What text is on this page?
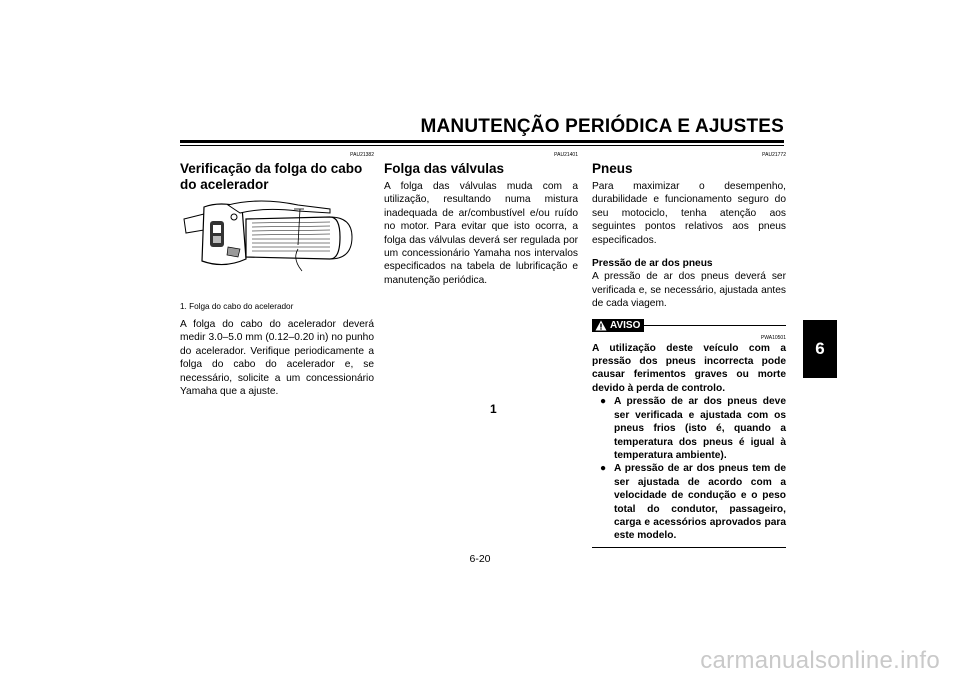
MANUTENÇÃO PERIÓDICA E AJUSTES
6
PAU21382
Verificação da folga do cabo do acelerador
1
1. Folga do cabo do acelerador

A folga do cabo do acelerador deverá medir 3.0–5.0 mm (0.12–0.20 in) no punho do acelerador. Verifique periodicamente a folga do cabo do acelerador e, se necessário, solicite a um concessionário Yamaha que a ajuste.

PAU21401
Folga das válvulas

A folga das válvulas muda com a utilização, resultando numa mistura inadequada de ar/combustível e/ou ruído no motor. Para evitar que isto ocorra, a folga das válvulas deverá ser regulada por um concessionário Yamaha nos intervalos especificados na tabela de lubrificação e manutenção periódica.

PAU21772
Pneus

Para maximizar o desempenho, durabilidade e funcionamento seguro do seu motociclo, tenha atenção aos seguintes pontos relativos aos pneus especificados.

Pressão de ar dos pneus

A pressão de ar dos pneus deverá ser verificada e, se necessário, ajustada antes de cada viagem.

AVISO
PWA10501
A utilização deste veículo com a pressão dos pneus incorrecta pode causar ferimentos graves ou morte devido à perda de controlo.
● A pressão de ar dos pneus deve ser verificada e ajustada com os pneus frios (isto é, quando a temperatura dos pneus é igual à temperatura ambiente).
● A pressão de ar dos pneus tem de ser ajustada de acordo com a velocidade de condução e o peso total do condutor, passageiro, carga e acessórios aprovados para este modelo.
6-20
carmanualsonline.info
